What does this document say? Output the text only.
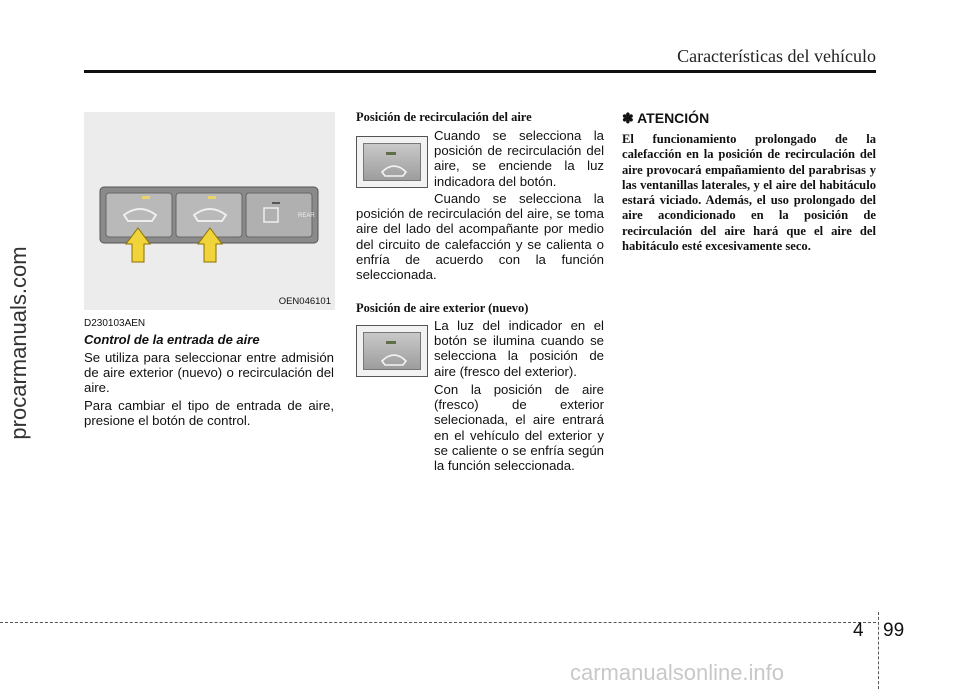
Características del vehículo
procarmanuals.com
REAR
OEN046101
D230103AEN
Control de la entrada de aire
Se utiliza para seleccionar entre admisión de aire exterior (nuevo) o recirculación del aire.
Para cambiar el tipo de entrada de aire, presione el botón de control.
Posición de recirculación del aire
Cuando se selecciona la posición de recirculación del aire, se enciende la luz indicadora del botón.
Cuando se selecciona la posición de recirculación del aire, se toma aire del lado del acompañante por medio del circuito de calefacción y se calienta o enfría de acuerdo con la función seleccionada.
Posición de aire exterior (nuevo)
La luz del indicador en el botón se ilumina cuando se selecciona la posición de aire (fresco del exterior).
Con la posición de aire (fresco) de exterior selecionada, el aire entrará en el vehículo del exterior y se caliente o se enfría según la función seleccionada.
✽ ATENCIÓN
El funcionamiento prolongado de la calefacción en la posición de recirculación del aire provocará empañamiento del parabrisas y las ventanillas laterales, y el aire del habitáculo estará viciado. Además, el uso prolongado del aire acondicionado en la posición de recirculación del aire hará que el aire del habitáculo esté excesivamente seco.
4 99
carmanualsonline.info
